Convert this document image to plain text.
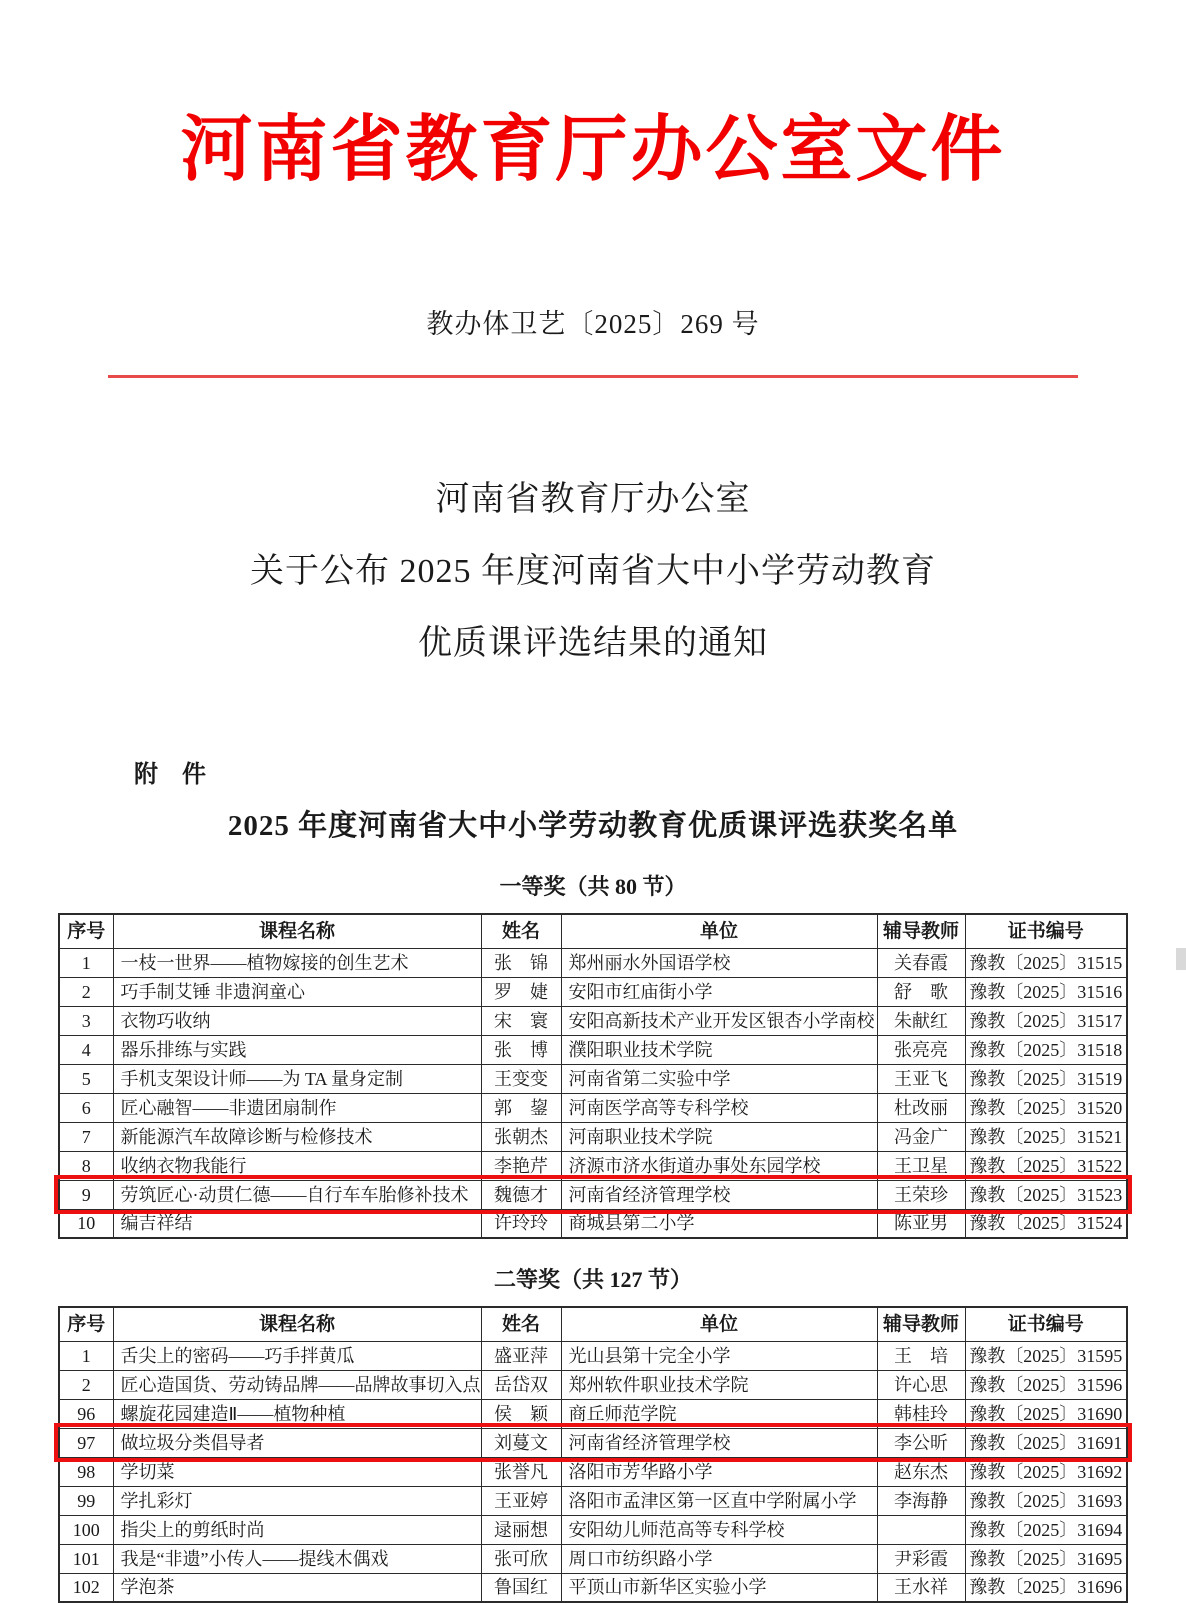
河南省教育厅办公室文件
教办体卫艺〔2025〕269 号
河南省教育厅办公室
关于公布 2025 年度河南省大中小学劳动教育
优质课评选结果的通知
附　件
2025 年度河南省大中小学劳动教育优质课评选获奖名单
一等奖（共 80 节）
序号	课程名称	姓名	单位	辅导教师	证书编号
1	一枝一世界——植物嫁接的创生艺术	张　锦	郑州丽水外国语学校	关春霞	豫教〔2025〕31515
2	巧手制艾锤 非遗润童心	罗　婕	安阳市红庙街小学	舒　歌	豫教〔2025〕31516
3	衣物巧收纳	宋　寰	安阳高新技术产业开发区银杏小学南校	朱献红	豫教〔2025〕31517
4	器乐排练与实践	张　博	濮阳职业技术学院	张亮亮	豫教〔2025〕31518
5	手机支架设计师——为 TA 量身定制	王变变	河南省第二实验中学	王亚飞	豫教〔2025〕31519
6	匠心融智——非遗团扇制作	郭　鋆	河南医学高等专科学校	杜改丽	豫教〔2025〕31520
7	新能源汽车故障诊断与检修技术	张朝杰	河南职业技术学院	冯金广	豫教〔2025〕31521
8	收纳衣物我能行	李艳芹	济源市济水街道办事处东园学校	王卫星	豫教〔2025〕31522
9	劳筑匠心·动贯仁德——自行车车胎修补技术	魏德才	河南省经济管理学校	王荣珍	豫教〔2025〕31523
10	编吉祥结	许玲玲	商城县第二小学	陈亚男	豫教〔2025〕31524
二等奖（共 127 节）
序号	课程名称	姓名	单位	辅导教师	证书编号
1	舌尖上的密码——巧手拌黄瓜	盛亚萍	光山县第十完全小学	王　培	豫教〔2025〕31595
2	匠心造国货、劳动铸品牌——品牌故事切入点	岳岱双	郑州软件职业技术学院	许心思	豫教〔2025〕31596
96	螺旋花园建造Ⅱ——植物种植	侯　颖	商丘师范学院	韩桂玲	豫教〔2025〕31690
97	做垃圾分类倡导者	刘蔓文	河南省经济管理学校	李公昕	豫教〔2025〕31691
98	学切菜	张誉凡	洛阳市芳华路小学	赵东杰	豫教〔2025〕31692
99	学扎彩灯	王亚婷	洛阳市孟津区第一区直中学附属小学	李海静	豫教〔2025〕31693
100	指尖上的剪纸时尚	逯丽想	安阳幼儿师范高等专科学校		豫教〔2025〕31694
101	我是“非遗”小传人——提线木偶戏	张可欣	周口市纺织路小学	尹彩霞	豫教〔2025〕31695
102	学泡茶	鲁国红	平顶山市新华区实验小学	王水祥	豫教〔2025〕31696
